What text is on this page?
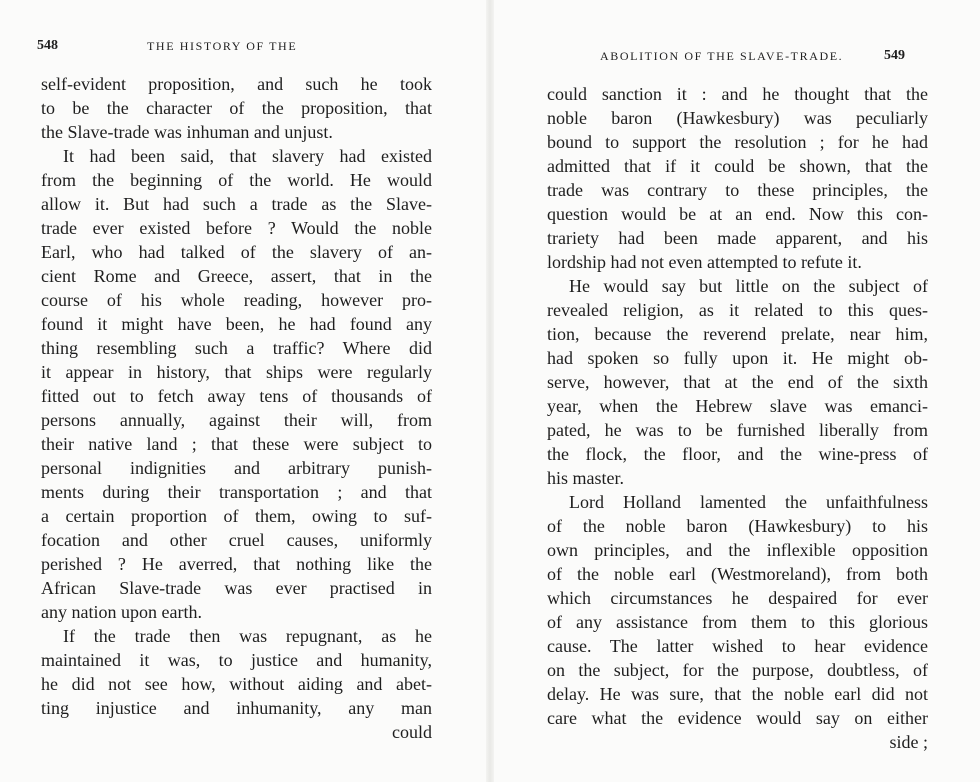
548	THE HISTORY OF THE
self-evident proposition, and such he took
to be the character of the proposition, that
the Slave-trade was inhuman and unjust.
It had been said, that slavery had existed
from the beginning of the world. He would
allow it. But had such a trade as the Slave-
trade ever existed before ? Would the noble
Earl, who had talked of the slavery of an-
cient Rome and Greece, assert, that in the
course of his whole reading, however pro-
found it might have been, he had found any
thing resembling such a traffic? Where did
it appear in history, that ships were regularly
fitted out to fetch away tens of thousands of
persons annually, against their will, from
their native land ; that these were subject to
personal indignities and arbitrary punish-
ments during their transportation ; and that
a certain proportion of them, owing to suf-
focation and other cruel causes, uniformly
perished ? He averred, that nothing like the
African Slave-trade was ever practised in
any nation upon earth.
If the trade then was repugnant, as he
maintained it was, to justice and humanity,
he did not see how, without aiding and abet-
ting injustice and inhumanity, any man
could
ABOLITION OF THE SLAVE-TRADE.	549
could sanction it : and he thought that the
noble baron (Hawkesbury) was peculiarly
bound to support the resolution ; for he had
admitted that if it could be shown, that the
trade was contrary to these principles, the
question would be at an end. Now this con-
trariety had been made apparent, and his
lordship had not even attempted to refute it.
He would say but little on the subject of
revealed religion, as it related to this ques-
tion, because the reverend prelate, near him,
had spoken so fully upon it. He might ob-
serve, however, that at the end of the sixth
year, when the Hebrew slave was emanci-
pated, he was to be furnished liberally from
the flock, the floor, and the wine-press of
his master.
Lord Holland lamented the unfaithfulness
of the noble baron (Hawkesbury) to his
own principles, and the inflexible opposition
of the noble earl (Westmoreland), from both
which circumstances he despaired for ever
of any assistance from them to this glorious
cause. The latter wished to hear evidence
on the subject, for the purpose, doubtless, of
delay. He was sure, that the noble earl did not
care what the evidence would say on either
side ;
